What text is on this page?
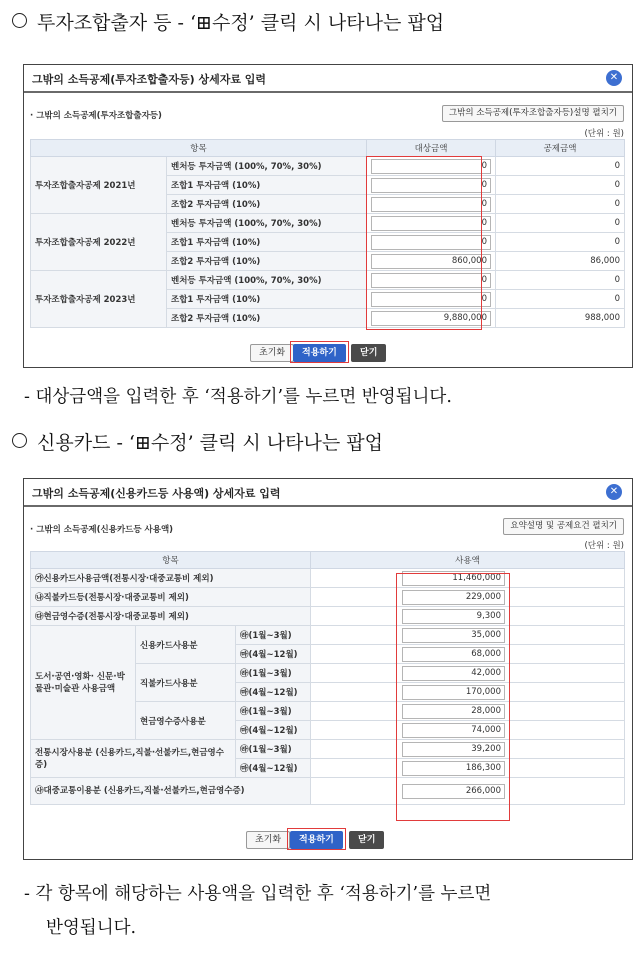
투자조합출자 등 - ‘⊞수정’ 클릭 시 나타나는 팝업
그밖의 소득공제(투자조합출자등) 상세자료 입력	✕
· 그밖의 소득공제(투자조합출자등)	그밖의 소득공제(투자조합출자등)설명 펼치기
(단위 : 원)
항목		대상금액	공제금액
투자조합출자공제 2021년	벤처등 투자금액 (100%, 70%, 30%)	0	0
	조합1 투자금액 (10%)	0	0
	조합2 투자금액 (10%)	0	0
투자조합출자공제 2022년	벤처등 투자금액 (100%, 70%, 30%)	0	0
	조합1 투자금액 (10%)	0	0
	조합2 투자금액 (10%)	860,000	86,000
투자조합출자공제 2023년	벤처등 투자금액 (100%, 70%, 30%)	0	0
	조합1 투자금액 (10%)	0	0
	조합2 투자금액 (10%)	9,880,000	988,000
초기화	적용하기	닫기
- 대상금액을 입력한 후 ‘적용하기’를 누르면 반영됩니다.
신용카드 - ‘⊞수정’ 클릭 시 나타나는 팝업
그밖의 소득공제(신용카드등 사용액) 상세자료 입력	✕
· 그밖의 소득공제(신용카드등 사용액)	요약설명 및 공제요건 펼치기
(단위 : 원)
항목			사용액
㉮신용카드사용금액(전통시장·대중교통비 제외)			11,460,000

㉯직불카드등(전통시장·대중교통비 제외)			229,000

㉰현금영수증(전통시장·대중교통비 제외)			9,300

도서·공연·영화· 신문·박물관·미술관 사용금액	신용카드사용분	㉱(1월~3월)	35,000

		㉲(4월~12월)	68,000

	직불카드사용분	㉱(1월~3월)	42,000

		㉲(4월~12월)	170,000

	현금영수증사용분	㉱(1월~3월)	28,000

		㉲(4월~12월)	74,000

전통시장사용분 (신용카드,직불·선불카드,현금영수증)		㉱(1월~3월)	39,200

		㉲(4월~12월)	186,300

㉴대중교통이용분 (신용카드,직불·선불카드,현금영수증)			266,000
초기화	적용하기	닫기
- 각 항목에 해당하는 사용액을 입력한 후 ‘적용하기’를 누르면
반영됩니다.
